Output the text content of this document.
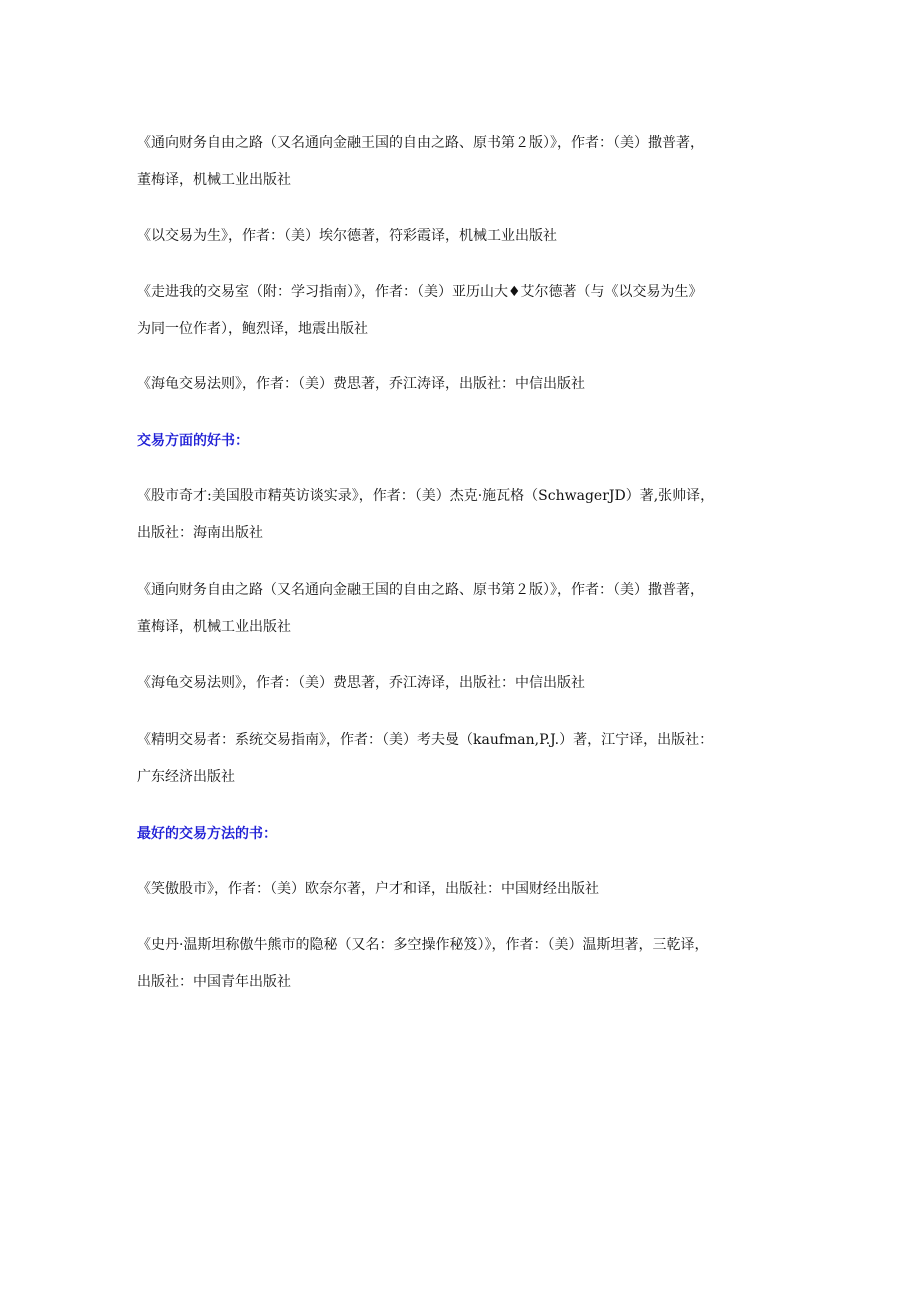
《通向财务自由之路（又名通向金融王国的自由之路、原书第２版）》，作者：（美）撒普著，
董梅译，机械工业出版社

《以交易为生》，作者：（美）埃尔德著，符彩霞译，机械工业出版社

《走进我的交易室（附：学习指南）》，作者：（美）亚历山大♦艾尔德著（与《以交易为生》
为同一位作者），鲍烈译，地震出版社

《海龟交易法则》，作者：（美）费思著，乔江涛译，出版社：中信出版社

交易方面的好书：

《股市奇才:美国股市精英访谈实录》，作者：（美）杰克·施瓦格（SchwagerJD）著,张帅译，
出版社：海南出版社

《通向财务自由之路（又名通向金融王国的自由之路、原书第２版）》，作者：（美）撒普著，
董梅译，机械工业出版社

《海龟交易法则》，作者：（美）费思著，乔江涛译，出版社：中信出版社

《精明交易者：系统交易指南》，作者：（美）考夫曼（kaufman,P.J.）著，江宁译，出版社：
广东经济出版社

最好的交易方法的书：

《笑傲股市》，作者：（美）欧奈尔著，户才和译，出版社：中国财经出版社

《史丹·温斯坦称傲牛熊市的隐秘（又名：多空操作秘笈）》，作者：（美）温斯坦著，三乾译，
出版社：中国青年出版社
